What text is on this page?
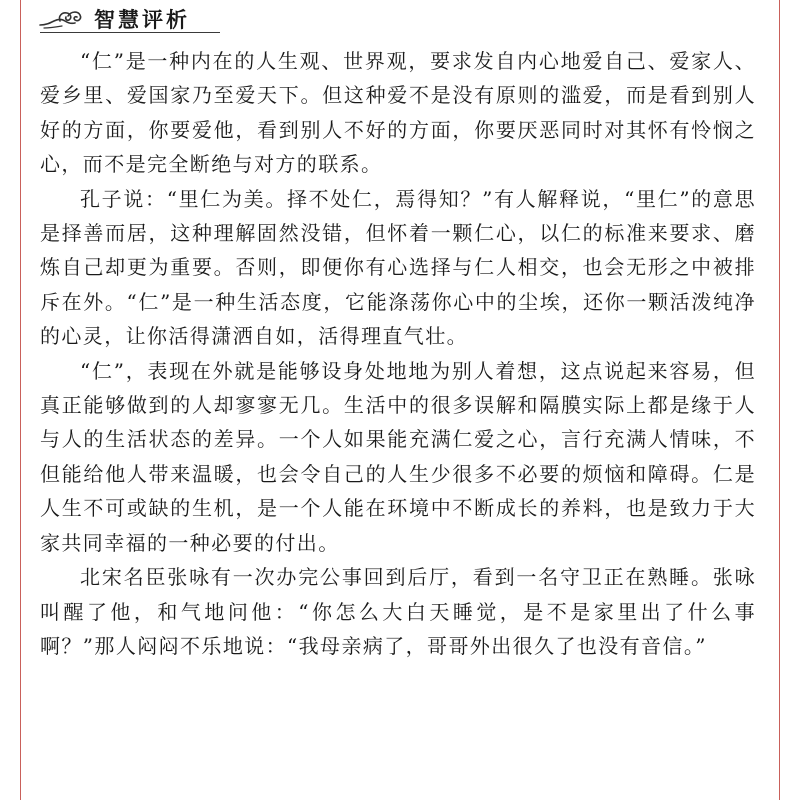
智慧评析

“仁”是一种内在的人生观、世界观，要求发自内心地爱自己、爱家人、爱乡里、爱国家乃至爱天下。但这种爱不是没有原则的滥爱，而是看到别人好的方面，你要爱他，看到别人不好的方面，你要厌恶同时对其怀有怜悯之心，而不是完全断绝与对方的联系。

孔子说：“里仁为美。择不处仁，焉得知？”有人解释说，“里仁”的意思是择善而居，这种理解固然没错，但怀着一颗仁心，以仁的标准来要求、磨炼自己却更为重要。否则，即便你有心选择与仁人相交，也会无形之中被排斥在外。“仁”是一种生活态度，它能涤荡你心中的尘埃，还你一颗活泼纯净的心灵，让你活得潇洒自如，活得理直气壮。

“仁”，表现在外就是能够设身处地地为别人着想，这点说起来容易，但真正能够做到的人却寥寥无几。生活中的很多误解和隔膜实际上都是缘于人与人的生活状态的差异。一个人如果能充满仁爱之心，言行充满人情味，不但能给他人带来温暖，也会令自己的人生少很多不必要的烦恼和障碍。仁是人生不可或缺的生机，是一个人能在环境中不断成长的养料，也是致力于大家共同幸福的一种必要的付出。

北宋名臣张咏有一次办完公事回到后厅，看到一名守卫正在熟睡。张咏叫醒了他，和气地问他：“你怎么大白天睡觉，是不是家里出了什么事啊？”那人闷闷不乐地说：“我母亲病了，哥哥外出很久了也没有音信。”
